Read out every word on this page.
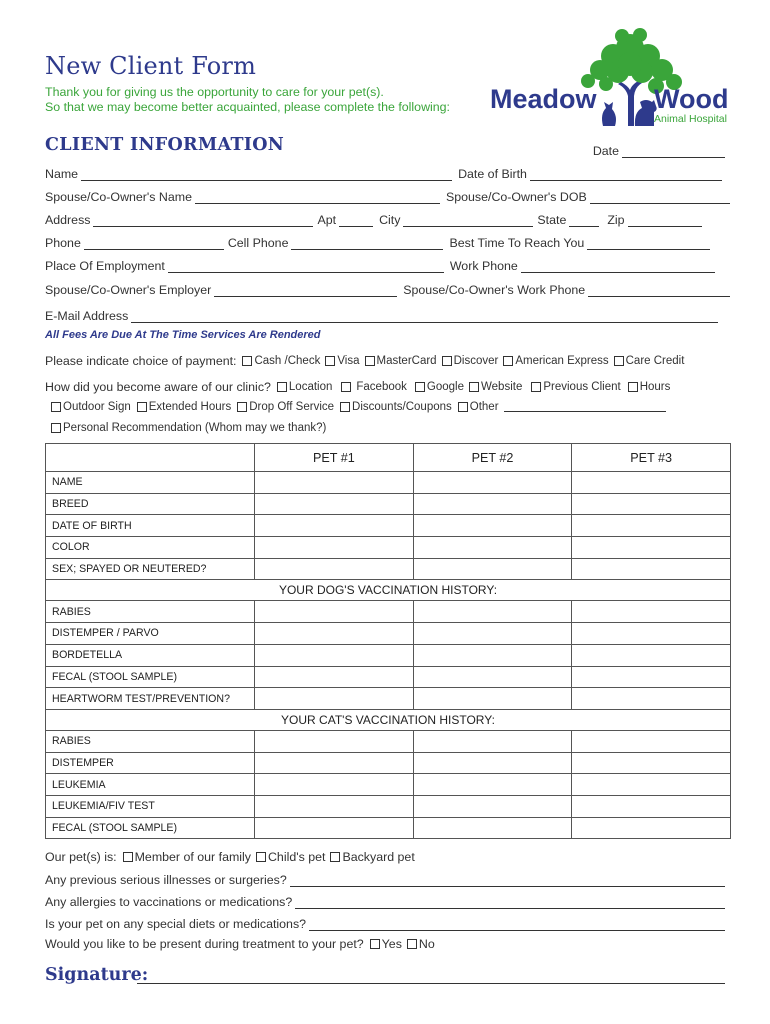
New Client Form
Thank you for giving us the opportunity to care for your pet(s).
So that we may become better acquainted, please complete the following: Meadow Wood
Animal Hospital
CLIENT INFORMATION	Date
Name	Date of Birth
Spouse/Co-Owner's Name	Spouse/Co-Owner's DOB
Address	Apt	City	State	Zip
Phone	Cell Phone	Best Time To Reach You
Place Of Employment	Work Phone
Spouse/Co-Owner's Employer	Spouse/Co-Owner's Work Phone
E-Mail Address
All Fees Are Due At The Time Services Are Rendered
Please indicate choice of payment: Cash /Check Visa MasterCard Discover American Express Care Credit
How did you become aware of our clinic? Location Facebook Google Website Previous Client Hours
Outdoor Sign Extended Hours Drop Off Service Discounts/Coupons Other
Personal Recommendation (Whom may we thank?)
	PET #1	PET #2	PET #3
NAME			
BREED			
DATE OF BIRTH			
COLOR			
SEX; SPAYED OR NEUTERED?			
YOUR DOG'S VACCINATION HISTORY:			
RABIES			
DISTEMPER / PARVO			
BORDETELLA			
FECAL (STOOL SAMPLE)			
HEARTWORM TEST/PREVENTION?			
YOUR CAT'S VACCINATION HISTORY:			
RABIES			
DISTEMPER			
LEUKEMIA			
LEUKEMIA/FIV TEST			
FECAL (STOOL SAMPLE)			
Our pet(s) is: Member of our family Child's pet Backyard pet
Any previous serious illnesses or surgeries?
Any allergies to vaccinations or medications?
Is your pet on any special diets or medications?
Would you like to be present during treatment to your pet? Yes No
Signature:
